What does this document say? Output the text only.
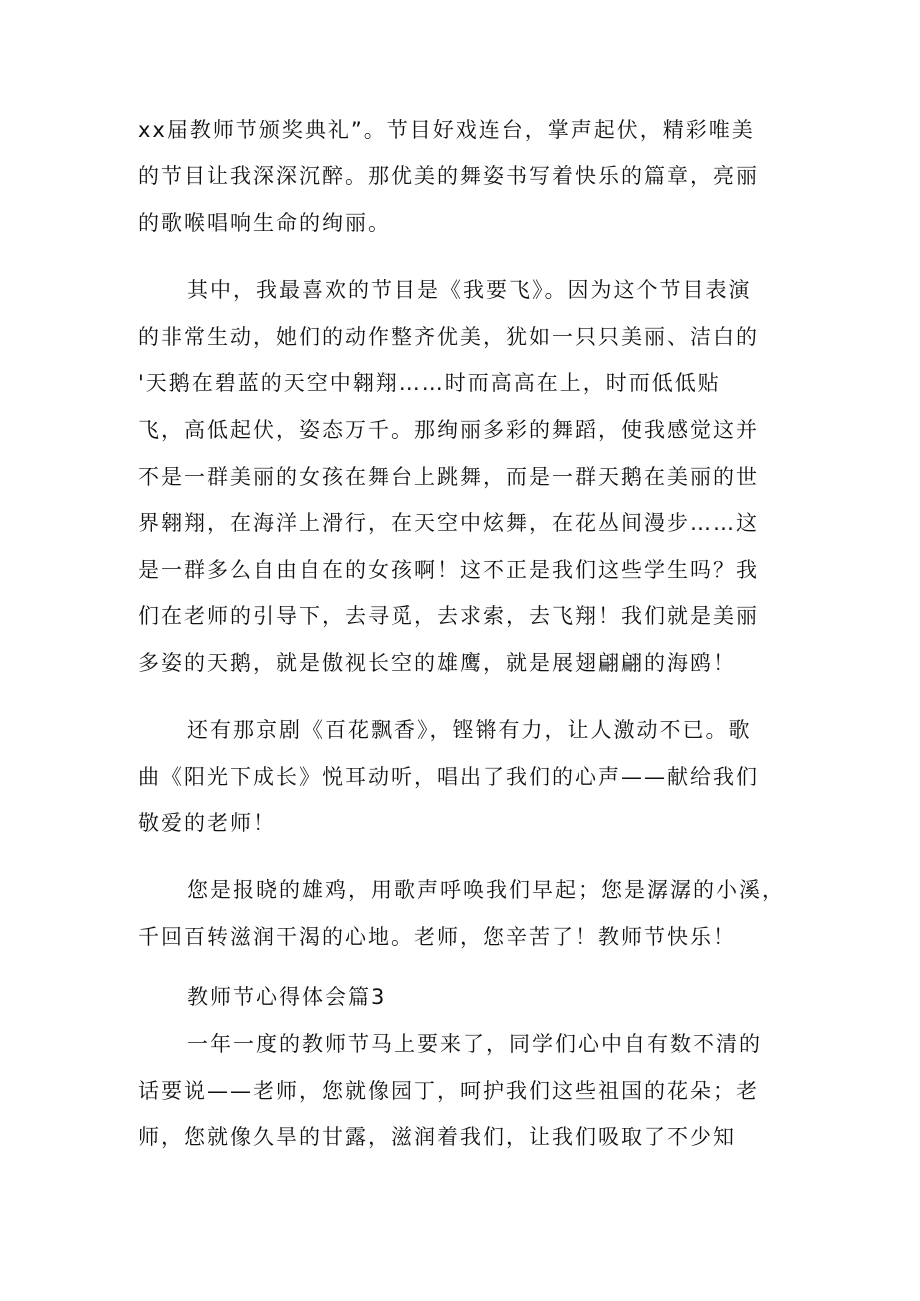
xx届教师节颁奖典礼”。节目好戏连台，掌声起伏，精彩唯美
的节目让我深深沉醉。那优美的舞姿书写着快乐的篇章，亮丽
的歌喉唱响生命的绚丽。
其中，我最喜欢的节目是《我要飞》。因为这个节目表演
的非常生动，她们的动作整齐优美，犹如一只只美丽、洁白的
'天鹅在碧蓝的天空中翱翔……时而高高在上，时而低低贴
飞，高低起伏，姿态万千。那绚丽多彩的舞蹈，使我感觉这并
不是一群美丽的女孩在舞台上跳舞，而是一群天鹅在美丽的世
界翱翔，在海洋上滑行，在天空中炫舞，在花丛间漫步……这
是一群多么自由自在的女孩啊！这不正是我们这些学生吗？我
们在老师的引导下，去寻觅，去求索，去飞翔！我们就是美丽
多姿的天鹅，就是傲视长空的雄鹰，就是展翅翩翩的海鸥！
还有那京剧《百花飘香》，铿锵有力，让人激动不已。歌
曲《阳光下成长》悦耳动听，唱出了我们的心声——献给我们
敬爱的老师！
您是报晓的雄鸡，用歌声呼唤我们早起；您是潺潺的小溪，
千回百转滋润干渴的心地。老师，您辛苦了！教师节快乐！
教师节心得体会篇3
一年一度的教师节马上要来了，同学们心中自有数不清的
话要说——老师，您就像园丁，呵护我们这些祖国的花朵；老
师，您就像久旱的甘露，滋润着我们，让我们吸取了不少知
